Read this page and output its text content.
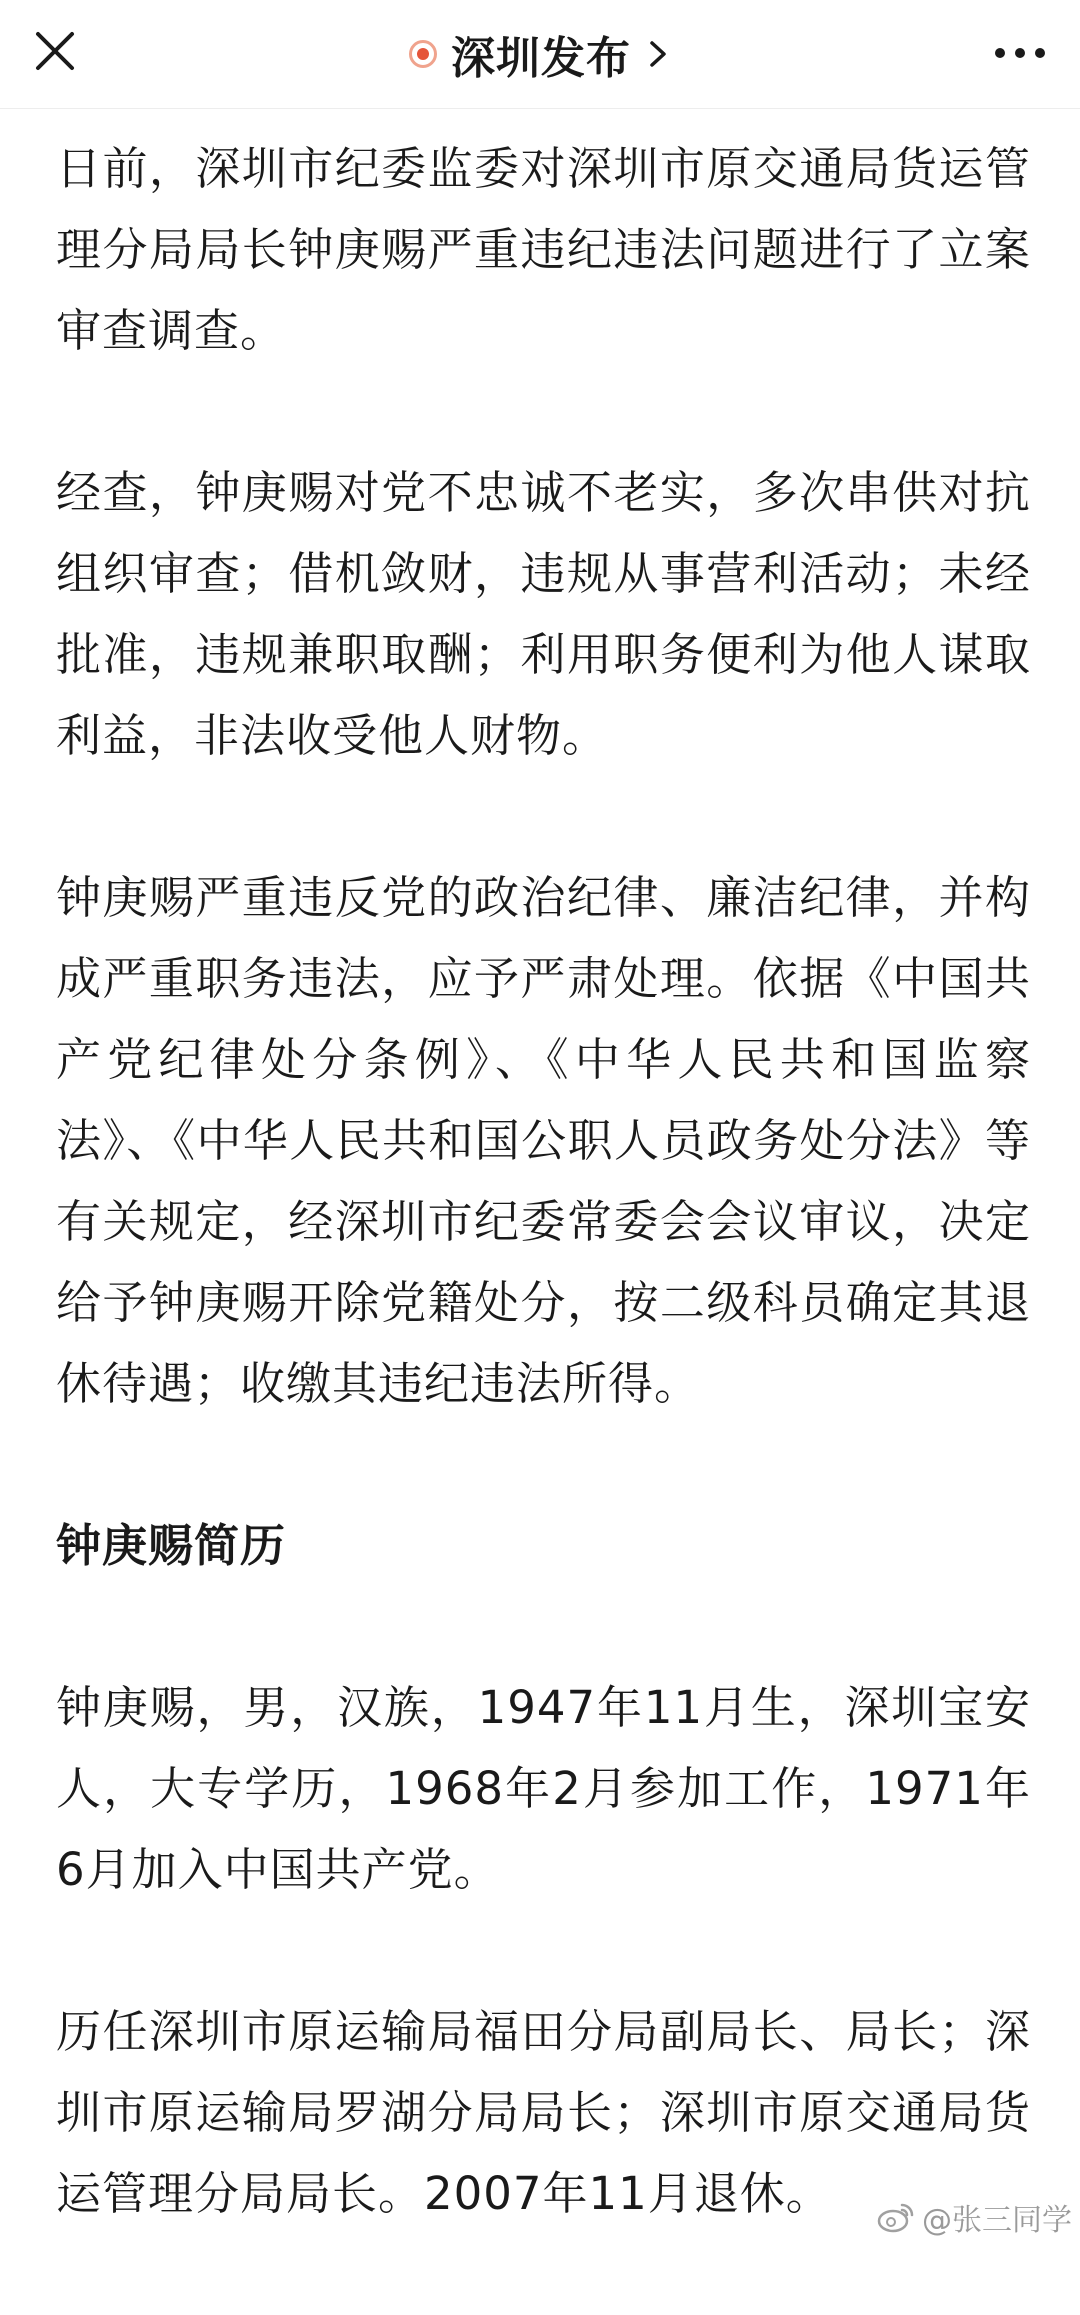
深圳发布

日前，深圳市纪委监委对深圳市原交通局货运管理分局局长钟庚赐严重违纪违法问题进行了立案审查调查。

经查，钟庚赐对党不忠诚不老实，多次串供对抗组织审查；借机敛财，违规从事营利活动；未经批准，违规兼职取酬；利用职务便利为他人谋取利益，非法收受他人财物。

钟庚赐严重违反党的政治纪律、廉洁纪律，并构成严重职务违法，应予严肃处理。依据《中国共产党纪律处分条例》、《中华人民共和国监察法》、《中华人民共和国公职人员政务处分法》等有关规定，经深圳市纪委常委会会议审议，决定给予钟庚赐开除党籍处分，按二级科员确定其退休待遇；收缴其违纪违法所得。

钟庚赐简历

钟庚赐，男，汉族，1947年11月生，深圳宝安人，大专学历，1968年2月参加工作，1971年6月加入中国共产党。

历任深圳市原运输局福田分局副局长、局长；深圳市原运输局罗湖分局局长；深圳市原交通局货运管理分局局长。2007年11月退休。

@张三同学
